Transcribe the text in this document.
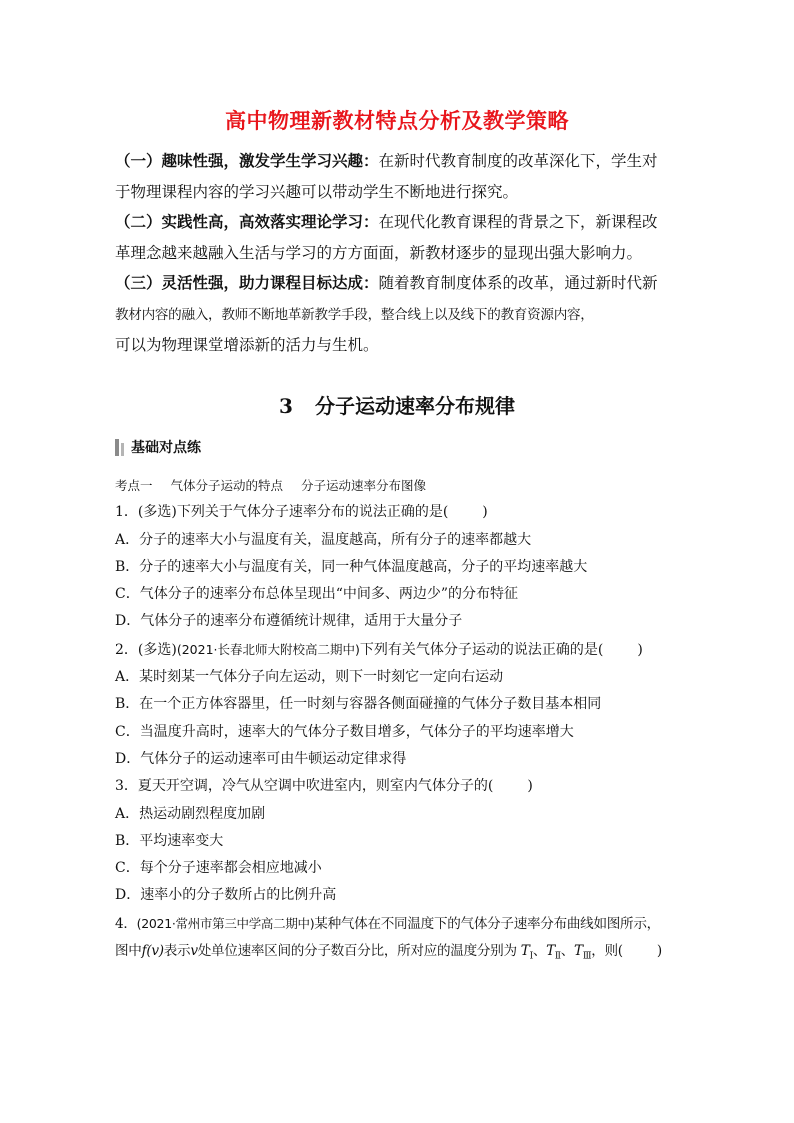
高中物理新教材特点分析及教学策略

（一）趣味性强，激发学生学习兴趣：在新时代教育制度的改革深化下，学生对
于物理课程内容的学习兴趣可以带动学生不断地进行探究。

（二）实践性高，高效落实理论学习：在现代化教育课程的背景之下，新课程改
革理念越来越融入生活与学习的方方面面，新教材逐步的显现出强大影响力。

（三）灵活性强，助力课程目标达成：随着教育制度体系的改革，通过新时代新
教材内容的融入，教师不断地革新教学手段，整合线上以及线下的教育资源内容，
可以为物理课堂增添新的活力与生机。

3 分子运动速率分布规律
基础对点练
考点一 气体分子运动的特点 分子运动速率分布图像
1．(多选)下列关于气体分子速率分布的说法正确的是( )
A．分子的速率大小与温度有关，温度越高，所有分子的速率都越大
B．分子的速率大小与温度有关，同一种气体温度越高，分子的平均速率越大
C．气体分子的速率分布总体呈现出“中间多、两边少”的分布特征
D．气体分子的速率分布遵循统计规律，适用于大量分子
2．(多选)(2021·长春北师大附校高二期中)下列有关气体分子运动的说法正确的是( )
A．某时刻某一气体分子向左运动，则下一时刻它一定向右运动
B．在一个正方体容器里，任一时刻与容器各侧面碰撞的气体分子数目基本相同
C．当温度升高时，速率大的气体分子数目增多，气体分子的平均速率增大
D．气体分子的运动速率可由牛顿运动定律求得
3．夏天开空调，冷气从空调中吹进室内，则室内气体分子的( )
A．热运动剧烈程度加剧
B．平均速率变大
C．每个分子速率都会相应地减小
D．速率小的分子数所占的比例升高
4．(2021·常州市第三中学高二期中)某种气体在不同温度下的气体分子速率分布曲线如图所示，
图中f(v)表示v处单位速率区间的分子数百分比，所对应的温度分别为 $T_Ⅰ$、$T_Ⅱ$、$T_Ⅲ$，则(	)
